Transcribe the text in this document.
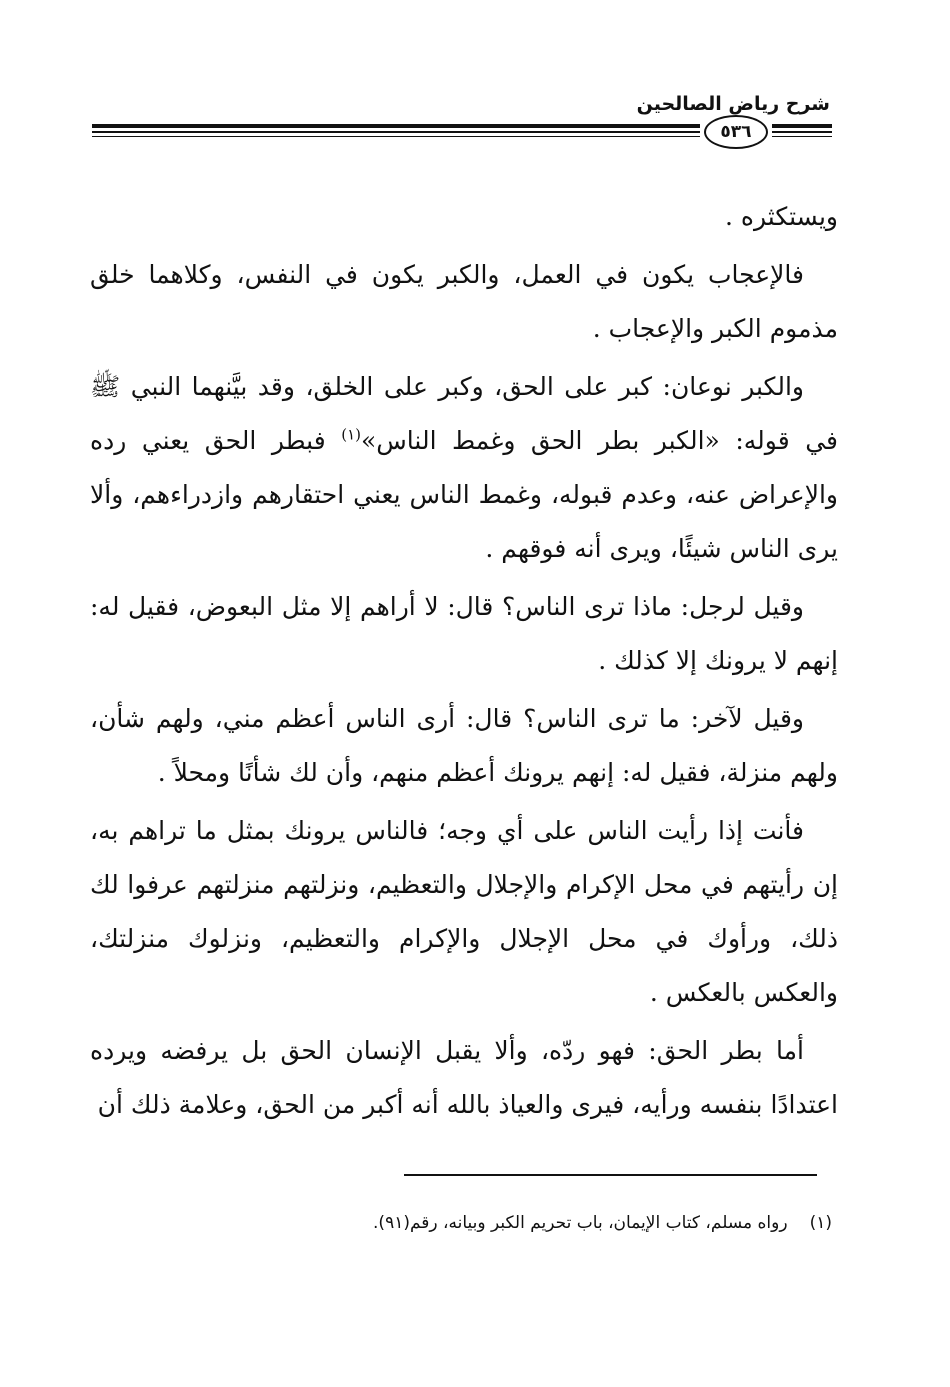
شرح رياض الصالحين
٥٣٦

ويستكثره .

فالإعجاب يكون في العمل، والكبر يكون في النفس، وكلاهما خلق مذموم الكبر والإعجاب .

والكبر نوعان: كبر على الحق، وكبر على الخلق، وقد بيَّنهما النبي ﷺ في قوله: «الكبر بطر الحق وغمط الناس»$^{(١)}$ فبطر الحق يعني رده والإعراض عنه، وعدم قبوله، وغمط الناس يعني احتقارهم وازدراءهم، وألا يرى الناس شيئًا، ويرى أنه فوقهم .

وقيل لرجل: ماذا ترى الناس؟ قال: لا أراهم إلا مثل البعوض، فقيل له: إنهم لا يرونك إلا كذلك .

وقيل لآخر: ما ترى الناس؟ قال: أرى الناس أعظم مني، ولهم شأن، ولهم منزلة، فقيل له: إنهم يرونك أعظم منهم، وأن لك شأنًا ومحلاً .

فأنت إذا رأيت الناس على أي وجه؛ فالناس يرونك بمثل ما تراهم به، إن رأيتهم في محل الإكرام والإجلال والتعظيم، ونزلتهم منزلتهم عرفوا لك ذلك، ورأوك في محل الإجلال والإكرام والتعظيم، ونزلوك منزلتك، والعكس بالعكس .

أما بطر الحق: فهو ردّه، وألا يقبل الإنسان الحق بل يرفضه ويرده اعتدادًا بنفسه ورأيه، فيرى والعياذ بالله أنه أكبر من الحق، وعلامة ذلك أن

(١)رواه مسلم، كتاب الإيمان، باب تحريم الكبر وبيانه، رقم(٩١).
